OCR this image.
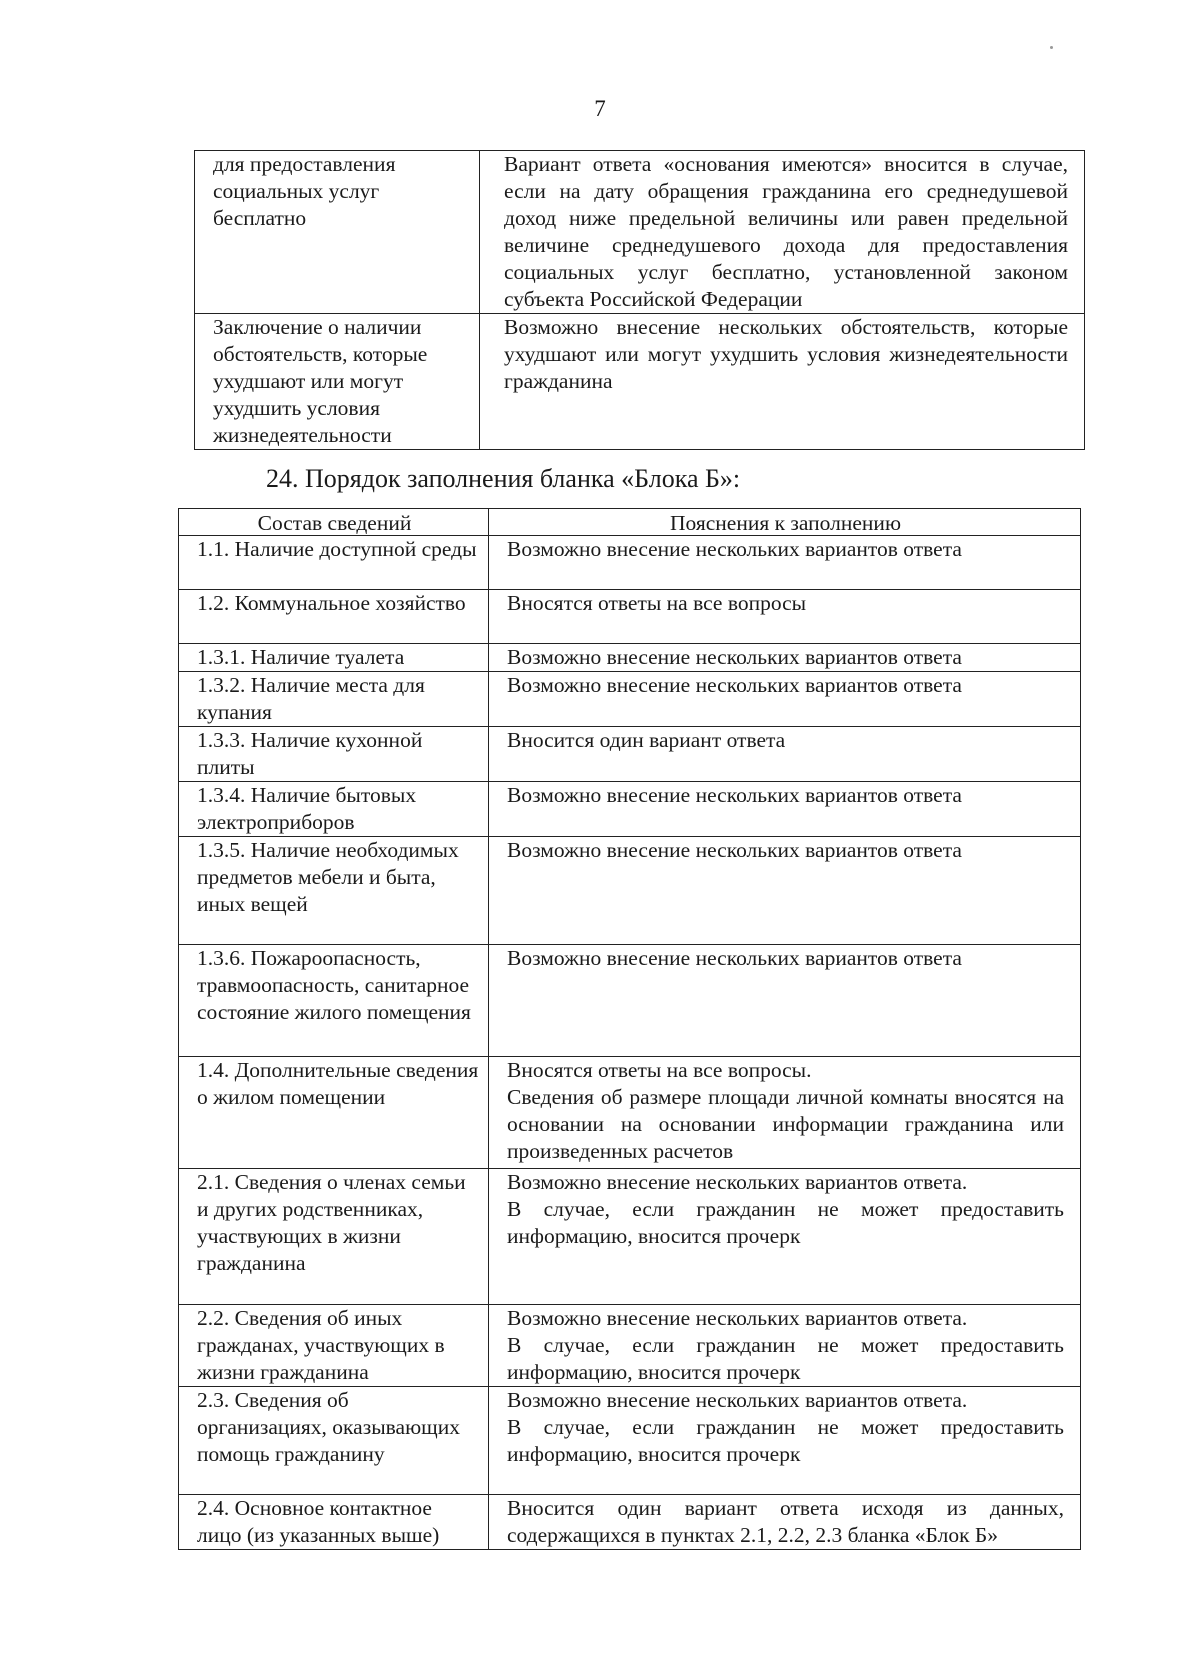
7
для предоставления социальных услуг бесплатно	Вариант ответа «основания имеются» вносится в случае, если на дату обращения гражданина его среднедушевой доход ниже предельной величины или равен предельной величине среднедушевого дохода для предоставления социальных услуг бесплатно, установленной законом субъекта Российской Федерации
Заключение о наличии обстоятельств, которые ухудшают или могут ухудшить условия жизнедеятельности	Возможно внесение нескольких обстоятельств, которые ухудшают или могут ухудшить условия жизнедеятельности гражданина
24. Порядок заполнения бланка «Блока Б»:
Состав сведений	Пояснения к заполнению
1.1. Наличие доступной среды	Возможно внесение нескольких вариантов ответа

1.2. Коммунальное хозяйство	Вносятся ответы на все вопросы

1.3.1. Наличие туалета	Возможно внесение нескольких вариантов ответа

1.3.2. Наличие места для купания	Возможно внесение нескольких вариантов ответа

1.3.3. Наличие кухонной плиты	Вносится один вариант ответа

1.3.4. Наличие бытовых электроприборов	Возможно внесение нескольких вариантов ответа

1.3.5. Наличие необходимых предметов мебели и быта, иных вещей	Возможно внесение нескольких вариантов ответа

1.3.6. Пожароопасность, травмоопасность, санитарное состояние жилого помещения	Возможно внесение нескольких вариантов ответа

1.4. Дополнительные сведения о жилом помещении	Вносятся ответы на все вопросы.
Сведения об размере площади личной комнаты вносятся на основании на основании информации гражданина или произведенных расчетов

2.1. Сведения о членах семьи и других родственниках, участвующих в жизни гражданина	Возможно внесение нескольких вариантов ответа.
В случае, если гражданин не может предоставить информацию, вносится прочерк

2.2. Сведения об иных гражданах, участвующих в жизни гражданина	Возможно внесение нескольких вариантов ответа.
В случае, если гражданин не может предоставить информацию, вносится прочерк

2.3. Сведения об организациях, оказывающих помощь гражданину	Возможно внесение нескольких вариантов ответа.
В случае, если гражданин не может предоставить информацию, вносится прочерк

2.4. Основное контактное лицо (из указанных выше)	Вносится один вариант ответа исходя из данных, содержащихся в пунктах 2.1, 2.2, 2.3 бланка «Блок Б»
